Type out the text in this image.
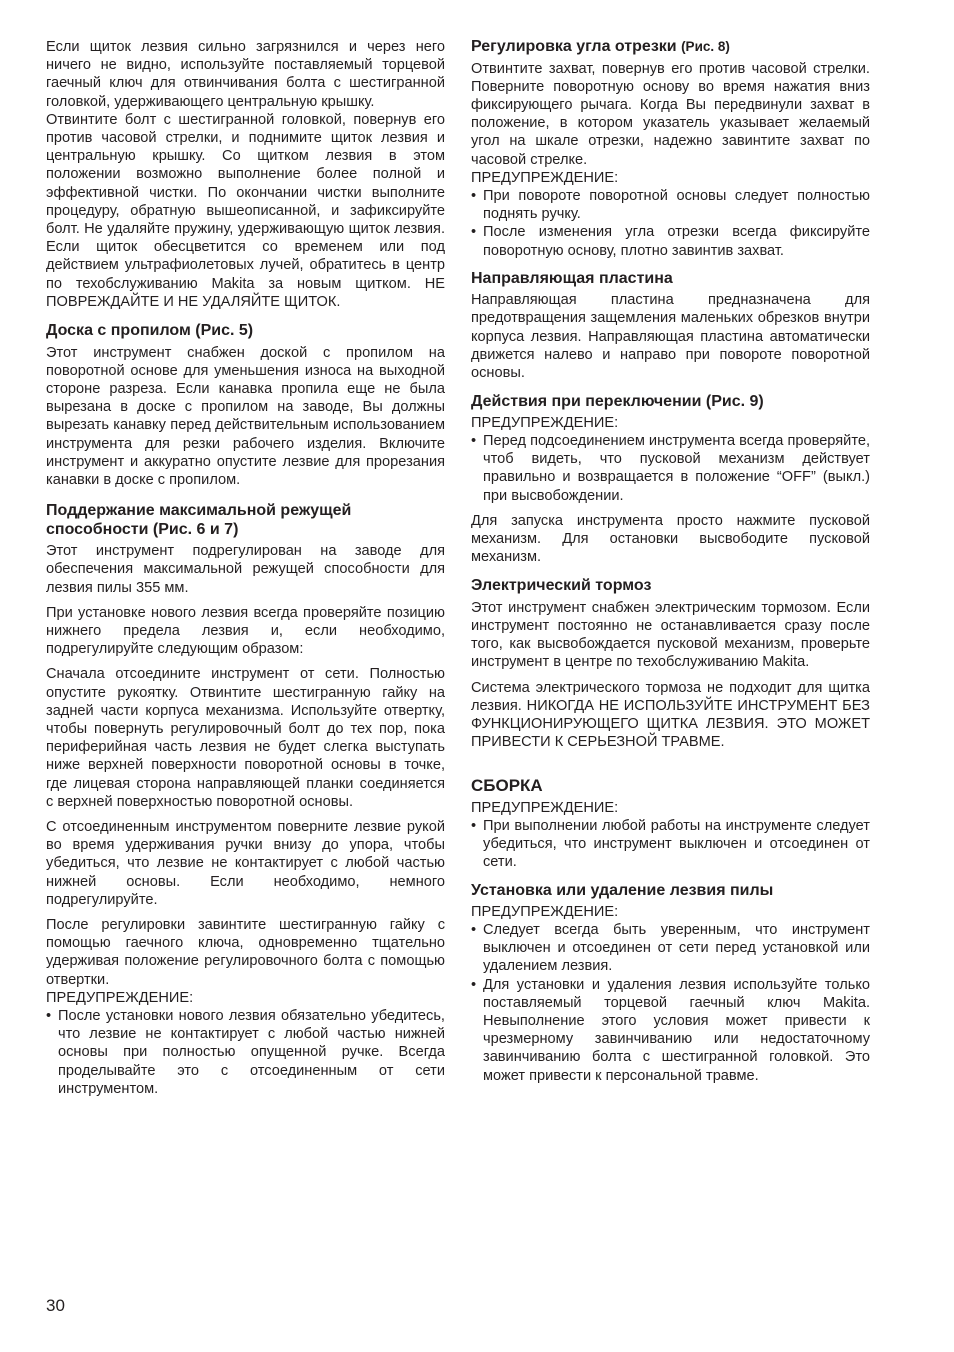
Если щиток лезвия сильно загрязнился и через него ничего не видно, используйте поставляемый торцевой гаечный ключ для отвинчивания болта с шестигранной головкой, удерживающего центральную крышку.

Отвинтите болт с шестигранной головкой, повернув его против часовой стрелки, и поднимите щиток лезвия и центральную крышку. Со щитком лезвия в этом положении возможно выполнение более полной и эффективной чистки. По окончании чистки выполните процедуру, обратную вышеописанной, и зафиксируйте болт. Не удаляйте пружину, удерживающую щиток лезвия. Если щиток обесцветится со временем или под действием ультрафиолетовых лучей, обратитесь в центр по техобслуживанию Makita за новым щитком. НЕ ПОВРЕЖДАЙТЕ И НЕ УДАЛЯЙТЕ ЩИТОК.

Доска с пропилом (Рис. 5)

Этот инструмент снабжен доской с пропилом на поворотной основе для уменьшения износа на выходной стороне разреза. Если канавка пропила еще не была вырезана в доске с пропилом на заводе, Вы должны вырезать канавку перед действительным использованием инструмента для резки рабочего изделия. Включите инструмент и аккуратно опустите лезвие для прорезания канавки в доске с пропилом.

Поддержание максимальной режущей способности (Рис. 6 и 7)

Этот инструмент подрегулирован на заводе для обеспечения максимальной режущей способности для лезвия пилы 355 мм.

При установке нового лезвия всегда проверяйте позицию нижнего предела лезвия и, если необходимо, подрегулируйте следующим образом:

Сначала отсоедините инструмент от сети. Полностью опустите рукоятку. Отвинтите шестигранную гайку на задней части корпуса механизма. Используйте отвертку, чтобы повернуть регулировочный болт до тех пор, пока периферийная часть лезвия не будет слегка выступать ниже верхней поверхности поворотной основы в точке, где лицевая сторона направляющей планки соединяется с верхней поверхностью поворотной основы.

С отсоединенным инструментом поверните лезвие рукой во время удерживания ручки внизу до упора, чтобы убедиться, что лезвие не контактирует с любой частью нижней основы. Если необходимо, немного подрегулируйте.

После регулировки завинтите шестигранную гайку с помощью гаечного ключа, одновременно тщательно удерживая положение регулировочного болта с помощью отвертки.

ПРЕДУПРЕЖДЕНИЕ:

• После установки нового лезвия обязательно убедитесь, что лезвие не контактирует с любой частью нижней основы при полностью опущенной ручке. Всегда проделывайте это с отсоединенным от сети инструментом.
Регулировка угла отрезки (Рис. 8)

Отвинтите захват, повернув его против часовой стрелки. Поверните поворотную основу во время нажатия вниз фиксирующего рычага. Когда Вы передвинули захват в положение, в котором указатель указывает желаемый угол на шкале отрезки, надежно завинтите захват по часовой стрелке.

ПРЕДУПРЕЖДЕНИЕ:

• При повороте поворотной основы следует полностью поднять ручку.
• После изменения угла отрезки всегда фиксируйте поворотную основу, плотно завинтив захват.
Направляющая пластина

Направляющая пластина предназначена для предотвращения защемления маленьких обрезков внутри корпуса лезвия. Направляющая пластина автоматически движется налево и направо при повороте поворотной основы.

Действия при переключении (Рис. 9)

ПРЕДУПРЕЖДЕНИЕ:

• Перед подсоединением инструмента всегда проверяйте, чтоб видеть, что пусковой механизм действует правильно и возвращается в положение “OFF” (выкл.) при высвобождении.

Для запуска инструмента просто нажмите пусковой механизм. Для остановки высвободите пусковой механизм.

Электрический тормоз

Этот инструмент снабжен электрическим тормозом. Если инструмент постоянно не останавливается сразу после того, как высвобождается пусковой механизм, проверьте инструмент в центре по техобслуживанию Makita.

Система электрического тормоза не подходит для щитка лезвия. НИКОГДА НЕ ИСПОЛЬЗУЙТЕ ИНСТРУМЕНТ БЕЗ ФУНКЦИОНИРУЮЩЕГО ЩИТКА ЛЕЗВИЯ. ЭТО МОЖЕТ ПРИВЕСТИ К СЕРЬЕЗНОЙ ТРАВМЕ.

СБОРКА

ПРЕДУПРЕЖДЕНИЕ:

• При выполнении любой работы на инструменте следует убедиться, что инструмент выключен и отсоединен от сети.
Установка или удаление лезвия пилы

ПРЕДУПРЕЖДЕНИЕ:

• Следует всегда быть уверенным, что инструмент выключен и отсоединен от сети перед установкой или удалением лезвия.
• Для установки и удаления лезвия используйте только поставляемый торцевой гаечный ключ Makita. Невыполнение этого условия может привести к чрезмерному завинчиванию или недостаточному завинчиванию болта с шестигранной головкой. Это может привести к персональной травме.
30
